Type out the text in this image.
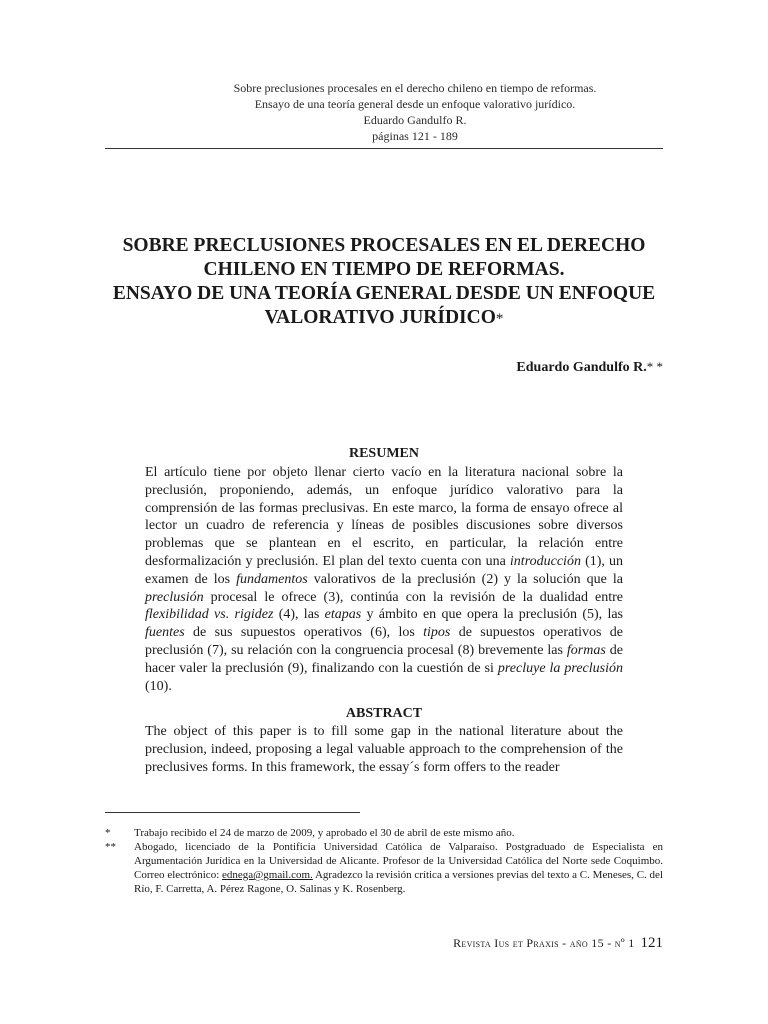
Sobre preclusiones procesales en el derecho chileno en tiempo de reformas.
Ensayo de una teoría general desde un enfoque valorativo jurídico.
Eduardo Gandulfo R.
páginas 121 - 189
SOBRE PRECLUSIONES PROCESALES EN EL DERECHO
CHILENO EN TIEMPO DE REFORMAS.
ENSAYO DE UNA TEORÍA GENERAL DESDE UN ENFOQUE
VALORATIVO JURÍDICO*
Eduardo Gandulfo R.* *
RESUMEN

El artículo tiene por objeto llenar cierto vacío en la literatura nacional sobre la preclusión, proponiendo, además, un enfoque jurídico valorativo para la comprensión de las formas preclusivas. En este marco, la forma de ensayo ofrece al lector un cuadro de referencia y líneas de posibles discusiones sobre diversos problemas que se plantean en el escrito, en particular, la relación entre desformalización y preclusión. El plan del texto cuenta con una introducción (1), un examen de los fundamentos valorativos de la preclusión (2) y la solución que la preclusión procesal le ofrece (3), continúa con la revisión de la dualidad entre flexibilidad vs. rigidez (4), las etapas y ámbito en que opera la preclusión (5), las fuentes de sus supuestos operativos (6), los tipos de supuestos operativos de preclusión (7), su relación con la congruencia procesal (8) brevemente las formas de hacer valer la preclusión (9), finalizando con la cuestión de si precluye la preclusión (10).

ABSTRACT

The object of this paper is to fill some gap in the national literature about the preclusion, indeed, proposing a legal valuable approach to the comprehension of the preclusives forms. In this framework, the essay´s form offers to the reader

*	Trabajo recibido el 24 de marzo de 2009, y aprobado el 30 de abril de este mismo año.
**	Abogado, licenciado de la Pontificia Universidad Católica de Valparaíso. Postgraduado de Especialista en Argumentación Jurídica en la Universidad de Alicante. Profesor de la Universidad Católica del Norte sede Coquimbo. Correo electrónico: ednega@gmail.com. Agradezco la revisión crítica a versiones previas del texto a C. Meneses, C. del Río, F. Carretta, A. Pérez Ragone, O. Salinas y K. Rosenberg.
Revista Ius et Praxis - año 15 - nº 1 121
